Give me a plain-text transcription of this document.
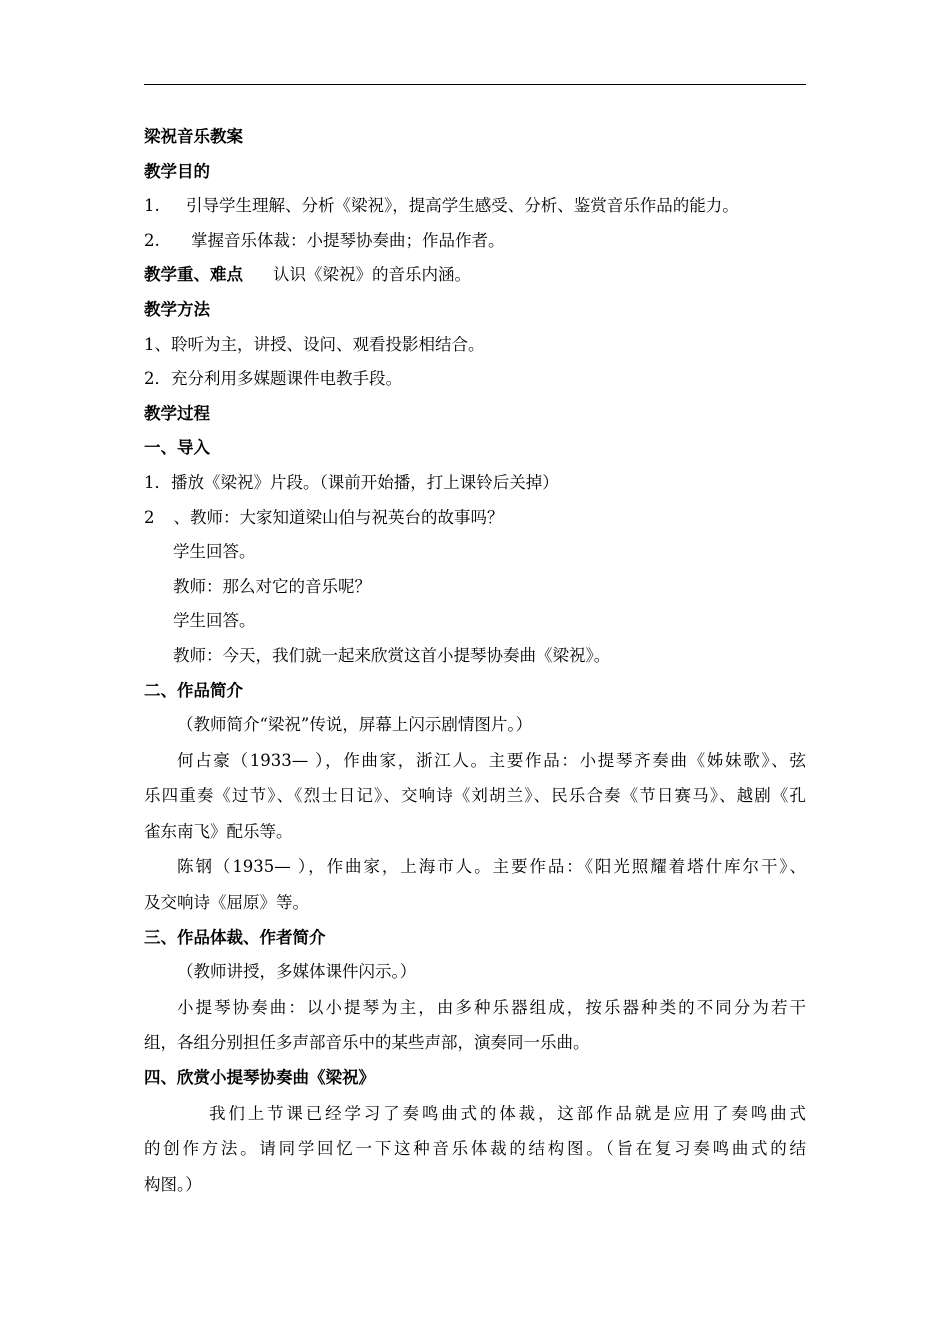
梁祝音乐教案
教学目的
1. 引导学生理解、分析《梁祝》，提高学生感受、分析、鉴赏音乐作品的能力。
2. 掌握音乐体裁：小提琴协奏曲；作品作者。
教学重、难点 认识《梁祝》的音乐内涵。
教学方法
1、聆听为主，讲授、设问、观看投影相结合。
2．充分利用多媒题课件电教手段。
教学过程
一、导入
1．播放《梁祝》片段。（课前开始播，打上课铃后关掉）
2 、教师：大家知道梁山伯与祝英台的故事吗？
学生回答。
教师：那么对它的音乐呢？
学生回答。
教师：今天，我们就一起来欣赏这首小提琴协奏曲《梁祝》。
二、作品简介
（教师简介“梁祝”传说，屏幕上闪示剧情图片。）
何占豪（1933— ），作曲家，浙江人。主要作品：小提琴齐奏曲《姊妹歌》、弦
乐四重奏《过节》、《烈士日记》、交响诗《刘胡兰》、民乐合奏《节日赛马》、越剧《孔
雀东南飞》配乐等。
陈钢（1935— ），作曲家，上海市人。主要作品：《阳光照耀着塔什库尔干》、
及交响诗《屈原》等。
三、作品体裁、作者简介
（教师讲授，多媒体课件闪示。）
小提琴协奏曲：以小提琴为主，由多种乐器组成，按乐器种类的不同分为若干
组，各组分别担任多声部音乐中的某些声部，演奏同一乐曲。
四、欣赏小提琴协奏曲《梁祝》
我们上节课已经学习了奏鸣曲式的体裁，这部作品就是应用了奏鸣曲式
的创作方法。请同学回忆一下这种音乐体裁的结构图。（旨在复习奏鸣曲式的结
构图。）
